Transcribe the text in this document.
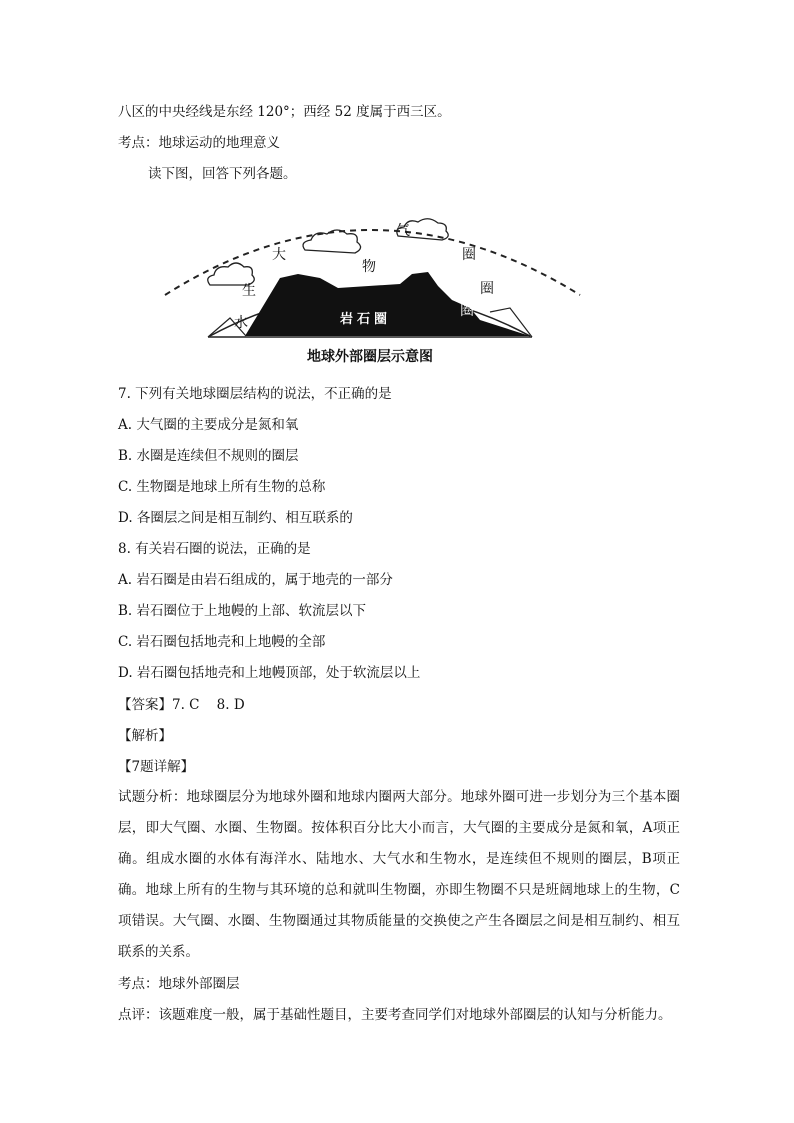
八区的中央经线是东经 120°；西经 52 度属于西三区。
考点：地球运动的地理意义
读下图，回答下列各题。
大
气
圈
生
物
圈
水
圈
岩石圈
地球外部圈层示意图
7. 下列有关地球圈层结构的说法，不正确的是
A. 大气圈的主要成分是氮和氧
B. 水圈是连续但不规则的圈层
C. 生物圈是地球上所有生物的总称
D. 各圈层之间是相互制约、相互联系的
8. 有关岩石圈的说法，正确的是
A. 岩石圈是由岩石组成的，属于地壳的一部分
B. 岩石圈位于上地幔的上部、软流层以下
C. 岩石圈包括地壳和上地幔的全部
D. 岩石圈包括地壳和上地幔顶部，处于软流层以上
【答案】7. C    8. D
【解析】
【7题详解】
试题分析：地球圈层分为地球外圈和地球内圈两大部分。地球外圈可进一步划分为三个基本圈层，即大气圈、水圈、生物圈。按体积百分比大小而言，大气圈的主要成分是氮和氧，A项正确。组成水圈的水体有海洋水、陆地水、大气水和生物水，是连续但不规则的圈层，B项正确。地球上所有的生物与其环境的总和就叫生物圈，亦即生物圈不只是班阔地球上的生物，C项错误。大气圈、水圈、生物圈通过其物质能量的交换使之产生各圈层之间是相互制约、相互联系的关系。
考点：地球外部圈层
点评：该题难度一般，属于基础性题目，主要考查同学们对地球外部圈层的认知与分析能力。
